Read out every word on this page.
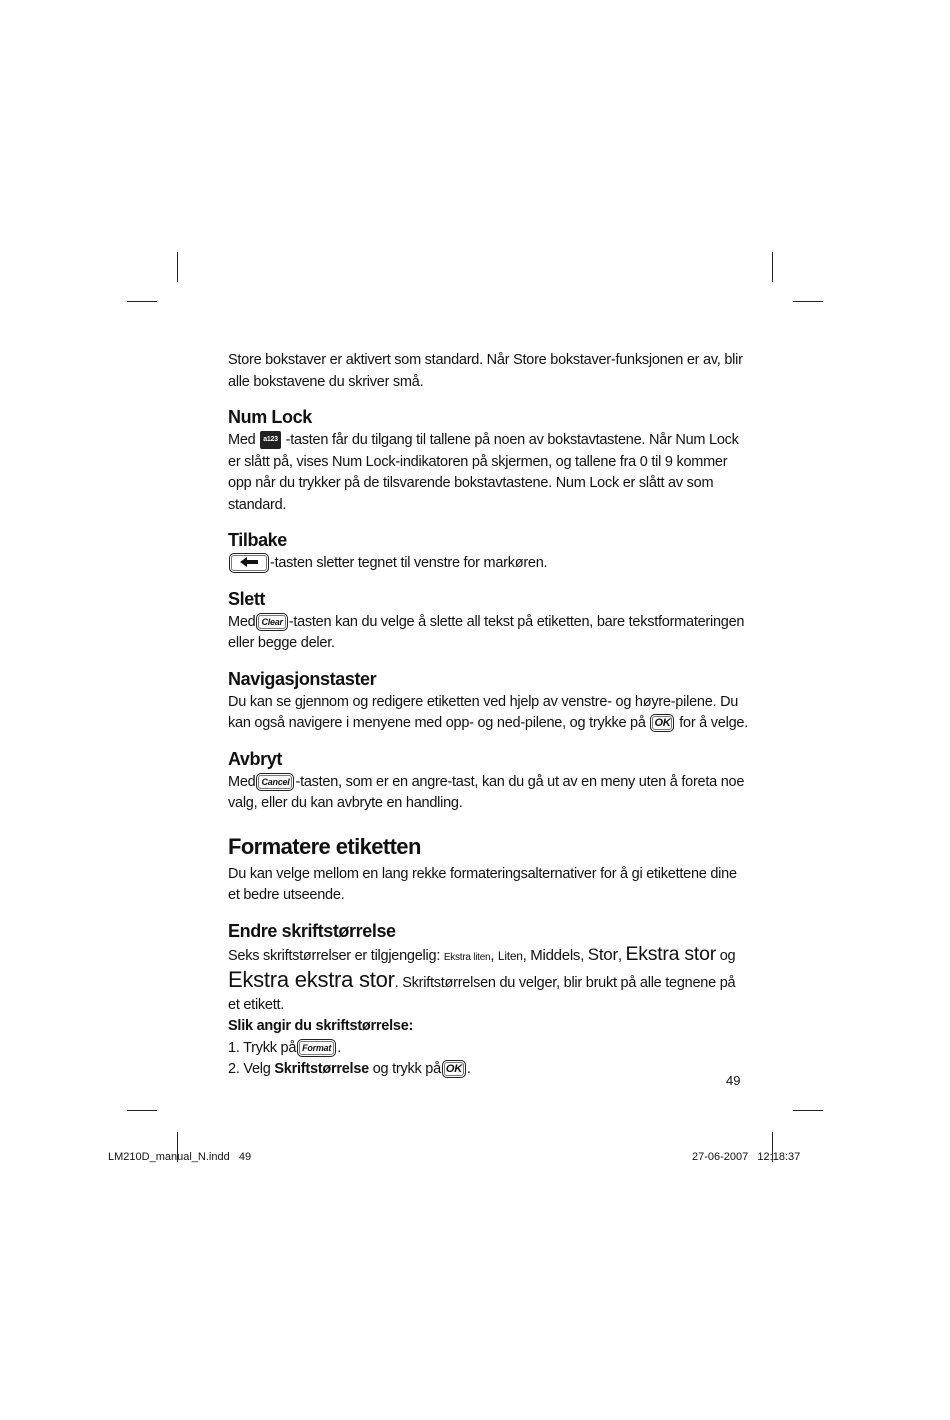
Store bokstaver er aktivert som standard. Når Store bokstaver-funksjonen er av, blir alle bokstavene du skriver små.

Num Lock

Med a123 -tasten får du tilgang til tallene på noen av bokstavtastene. Når Num Lock er slått på, vises Num Lock-indikatoren på skjermen, og tallene fra 0 til 9 kommer opp når du trykker på de tilsvarende bokstavtastene. Num Lock er slått av som standard.

Tilbake

-tasten sletter tegnet til venstre for markøren.

Slett

Med Clear -tasten kan du velge å slette all tekst på etiketten, bare tekstformateringen eller begge deler.

Navigasjonstaster

Du kan se gjennom og redigere etiketten ved hjelp av venstre- og høyre-pilene. Du kan også navigere i menyene med opp- og ned-pilene, og trykke på OK for å velge.

Avbryt

Med Cancel -tasten, som er en angre-tast, kan du gå ut av en meny uten å foreta noe valg, eller du kan avbryte en handling.

Formatere etiketten

Du kan velge mellom en lang rekke formateringsalternativer for å gi etikettene dine et bedre utseende.

Endre skriftstørrelse

Seks skriftstørrelser er tilgjengelig: Ekstra liten, Liten, Middels, Stor, Ekstra stor og Ekstra ekstra stor. Skriftstørrelsen du velger, blir brukt på alle tegnene på et etikett.

Slik angir du skriftstørrelse:

1. Trykk på Format .

2. Velg Skriftstørrelse og trykk på OK .

49
LM210D_manual_N.indd   49	27-06-2007   12:18:37
